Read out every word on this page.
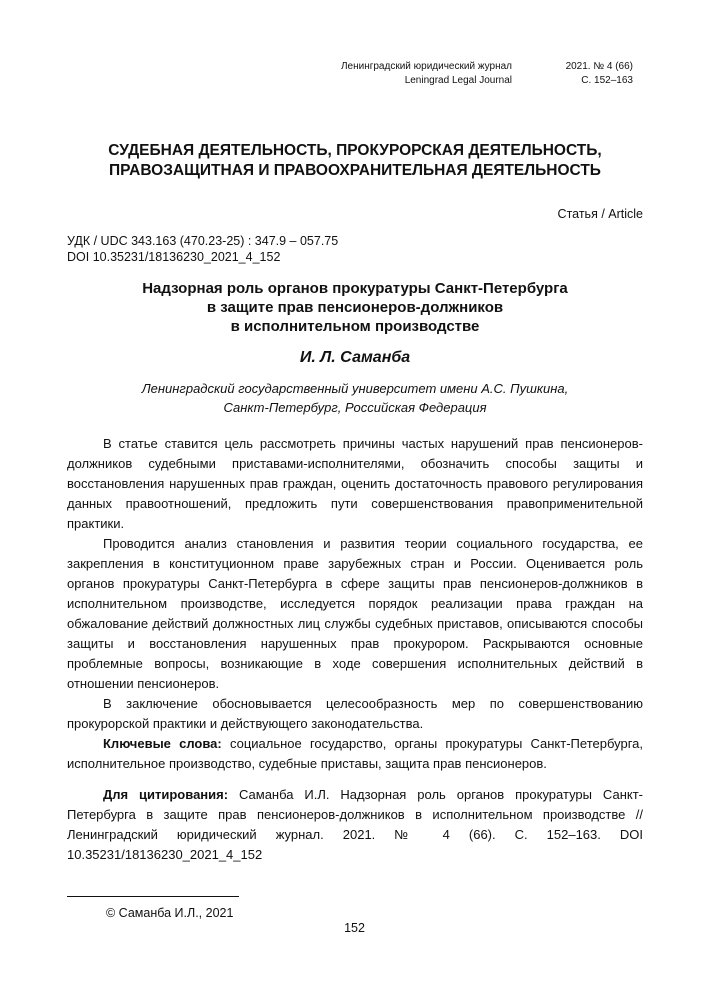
Ленинградский юридический журнал
Leningrad Legal Journal
2021. № 4 (66)
С. 152–163
СУДЕБНАЯ ДЕЯТЕЛЬНОСТЬ, ПРОКУРОРСКАЯ ДЕЯТЕЛЬНОСТЬ,
ПРАВОЗАЩИТНАЯ И ПРАВООХРАНИТЕЛЬНАЯ ДЕЯТЕЛЬНОСТЬ
Статья / Article
УДК / UDC 343.163 (470.23-25) : 347.9 – 057.75
DOI 10.35231/18136230_2021_4_152
Надзорная роль органов прокуратуры Санкт-Петербурга
в защите прав пенсионеров-должников
в исполнительном производстве
И. Л. Саманба
Ленинградский государственный университет имени А.С. Пушкина,
Санкт-Петербург, Российская Федерация

В статье ставится цель рассмотреть причины частых нарушений прав пенсионеров-должников судебными приставами-исполнителями, обозначить способы защиты и восстановления нарушенных прав граждан, оценить достаточность правового регулирования данных правоотношений, предложить пути совершенствования правоприменительной практики.

Проводится анализ становления и развития теории социального государства, ее закрепления в конституционном праве зарубежных стран и России. Оценивается роль органов прокуратуры Санкт-Петербурга в сфере защиты прав пенсионеров-должников в исполнительном производстве, исследуется порядок реализации права граждан на обжалование действий должностных лиц службы судебных приставов, описываются способы защиты и восстановления нарушенных прав прокурором. Раскрываются основные проблемные вопросы, возникающие в ходе совершения исполнительных действий в отношении пенсионеров.

В заключение обосновывается целесообразность мер по совершенствованию прокурорской практики и действующего законодательства.

Ключевые слова: социальное государство, органы прокуратуры Санкт-Петербурга, исполнительное производство, судебные приставы, защита прав пенсионеров.

Для цитирования: Саманба И.Л. Надзорная роль органов прокуратуры Санкт-Петербурга в защите прав пенсионеров-должников в исполнительном производстве // Ленинградский юридический журнал. 2021. № 4 (66). С. 152–163. DOI 10.35231/18136230_2021_4_152

© Саманба И.Л., 2021
152
